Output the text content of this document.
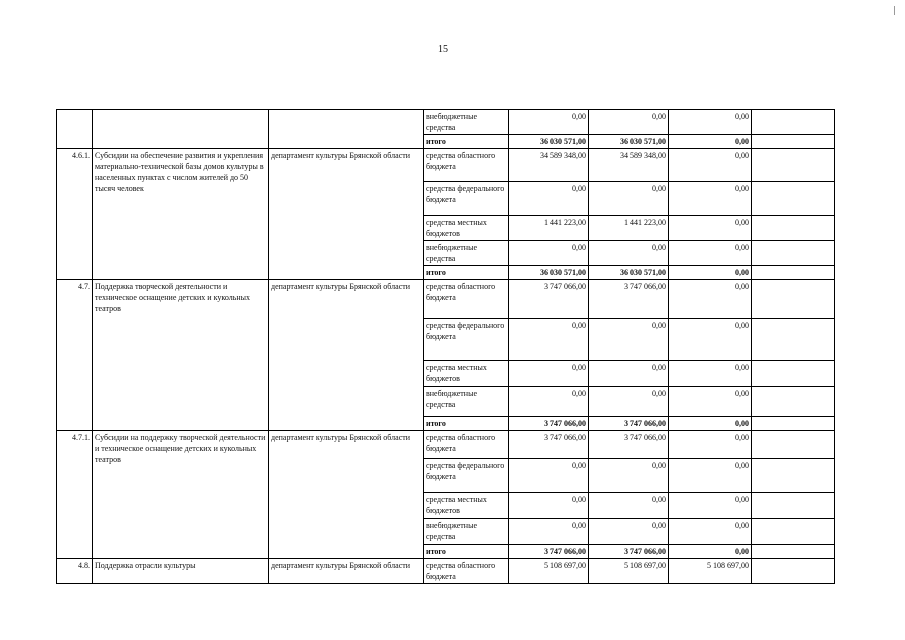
15
			внебюджетные средства	0,00	0,00	0,00	
			итого	36 030 571,00	36 030 571,00	0,00	
4.6.1.	Субсидии на обеспечение развития и укрепления материально-технической базы домов культуры в населенных пунктах с числом жителей до 50 тысяч человек	департамент культуры Брянской области	средства областного бюджета	34 589 348,00	34 589 348,00	0,00	
			средства федерального бюджета	0,00	0,00	0,00	
			средства местных бюджетов	1 441 223,00	1 441 223,00	0,00	
			внебюджетные средства	0,00	0,00	0,00	
			итого	36 030 571,00	36 030 571,00	0,00	
4.7.	Поддержка творческой деятельности и техническое оснащение детских и кукольных театров	департамент культуры Брянской области	средства областного бюджета	3 747 066,00	3 747 066,00	0,00	
			средства федерального бюджета	0,00	0,00	0,00	
			средства местных бюджетов	0,00	0,00	0,00	
			внебюджетные средства	0,00	0,00	0,00	
			итого	3 747 066,00	3 747 066,00	0,00	
4.7.1.	Субсидии на поддержку творческой деятельности и техническое оснащение детских и кукольных театров	департамент культуры Брянской области	средства областного бюджета	3 747 066,00	3 747 066,00	0,00	
			средства федерального бюджета	0,00	0,00	0,00	
			средства местных бюджетов	0,00	0,00	0,00	
			внебюджетные средства	0,00	0,00	0,00	
			итого	3 747 066,00	3 747 066,00	0,00	
4.8.	Поддержка отрасли культуры	департамент культуры Брянской области	средства областного бюджета	5 108 697,00	5 108 697,00	5 108 697,00	
